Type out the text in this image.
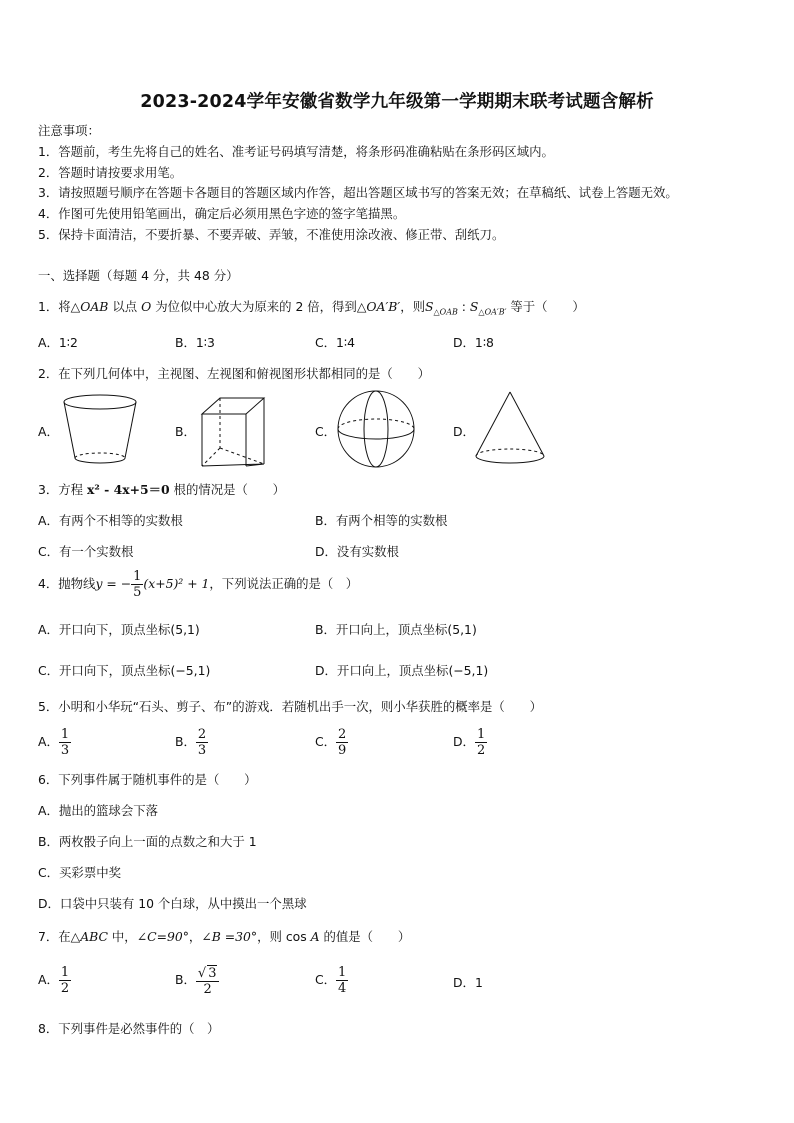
2023-2024学年安徽省数学九年级第一学期期末联考试题含解析
注意事项：
1．答题前，考生先将自己的姓名、准考证号码填写清楚，将条形码准确粘贴在条形码区域内。
2．答题时请按要求用笔。
3．请按照题号顺序在答题卡各题目的答题区域内作答，超出答题区域书写的答案无效；在草稿纸、试卷上答题无效。
4．作图可先使用铅笔画出，确定后必须用黑色字迹的签字笔描黑。
5．保持卡面清洁，不要折暴、不要弄破、弄皱，不准使用涂改液、修正带、刮纸刀。
一、选择题（每题 4 分，共 48 分）
1．将△OAB 以点 O 为位似中心放大为原来的 2 倍，得到△OA′B′，则$S_{\triangle OAB}$ : $S_{\triangle OA'B'}$ 等于（　　）
A．1∶2	B．1∶3	C．1∶4	D．1∶8
2．在下列几何体中，主视图、左视图和俯视图形状都相同的是（　　）
A．	B．	C．	D．
3．方程 x² - 4x+5＝0 根的情况是（　　）
A．有两个不相等的实数根	B．有两个相等的实数根
C．有一个实数根	D．没有实数根
4．抛物线y = − $\frac{1}{5} (x+5)^2 + 1$，下列说法正确的是（　）
A．开口向下，顶点坐标(5,1)	B．开口向上，顶点坐标(5,1)
C．开口向下，顶点坐标(−5,1)	D．开口向上，顶点坐标(−5,1)
5．小明和小华玩“石头、剪子、布”的游戏．若随机出手一次，则小华获胜的概率是（　　）
A． $\frac{1}{3}$	B． $\frac{2}{3}$	C． $\frac{2}{9}$	D． $\frac{1}{2}$
6．下列事件属于随机事件的是（　　）
A．抛出的篮球会下落
B．两枚骰子向上一面的点数之和大于 1
C．买彩票中奖
D．口袋中只装有 10 个白球，从中摸出一个黑球
7．在△ABC 中，∠C=90°，∠B =30°，则 cos A 的值是（　　）
A． $\frac{1}{2}$	B． $\frac{√ 3}{2}$	C． $\frac{1}{4}$	D．1
8．下列事件是必然事件的（　）
